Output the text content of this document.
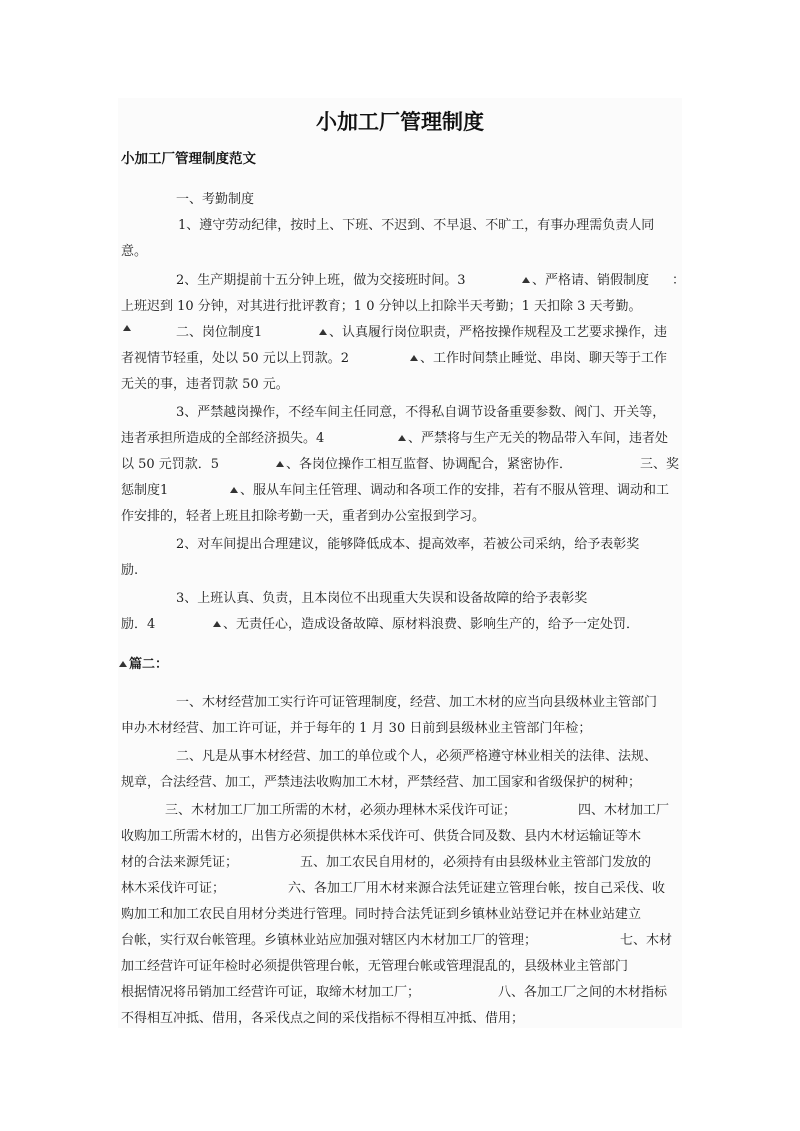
小加工厂管理制度
小加工厂管理制度范文
一、考勤制度
1、遵守劳动纪律，按时上、下班、不迟到、不早退、不旷工，有事办理需负责人同
意。
2、生产期提前十五分钟上班，做为交接班时间。3	、严格请、销假制度 ：
上班迟到 10 分钟，对其进行批评教育；1 0 分钟以上扣除半天考勤；1 天扣除 3 天考勤。
二、岗位制度1	、认真履行岗位职责，严格按操作规程及工艺要求操作，违
者视情节轻重，处以 50 元以上罚款。2	、工作时间禁止睡觉、串岗、聊天等于工作
无关的事，违者罚款 50 元。
3、严禁越岗操作，不经车间主任同意，不得私自调节设备重要参数、阀门、开关等，
违者承担所造成的全部经济损失。4	、严禁将与生产无关的物品带入车间，违者处
以 50 元罚款．5	、各岗位操作工相互监督、协调配合，紧密协作．	三、奖
惩制度1	、服从车间主任管理、调动和各项工作的安排，若有不服从管理、调动和工
作安排的，轻者上班且扣除考勤一天，重者到办公室报到学习。
2、对车间提出合理建议，能够降低成本、提高效率，若被公司采纳，给予表彰奖
励.
3、上班认真、负责，且本岗位不出现重大失误和设备故障的给予表彰奖
励．4	、无责任心，造成设备故障、原材料浪费、影响生产的，给予一定处罚．
篇二：
一、木材经营加工实行许可证管理制度，经营、加工木材的应当向县级林业主管部门
申办木材经营、加工许可证，并于每年的 1 月 30 日前到县级林业主管部门年检；
二、凡是从事木材经营、加工的单位或个人，必须严格遵守林业相关的法律、法规、
规章，合法经营、加工，严禁违法收购加工木材，严禁经营、加工国家和省级保护的树种；
三、木材加工厂加工所需的木材，必须办理林木采伐许可证；	四、木材加工厂
收购加工所需木材的，出售方必须提供林木采伐许可、供货合同及数、县内木材运输证等木
材的合法来源凭证；	五、加工农民自用材的，必须持有由县级林业主管部门发放的
林木采伐许可证；	六、各加工厂用木材来源合法凭证建立管理台帐，按自己采伐、收
购加工和加工农民自用材分类进行管理。同时持合法凭证到乡镇林业站登记并在林业站建立
台帐，实行双台帐管理。乡镇林业站应加强对辖区内木材加工厂的管理；	七、木材
加工经营许可证年检时必须提供管理台帐，无管理台帐或管理混乱的，县级林业主管部门
根据情况将吊销加工经营许可证，取缔木材加工厂；	八、各加工厂之间的木材指标
不得相互冲抵、借用，各采伐点之间的采伐指标不得相互冲抵、借用；
